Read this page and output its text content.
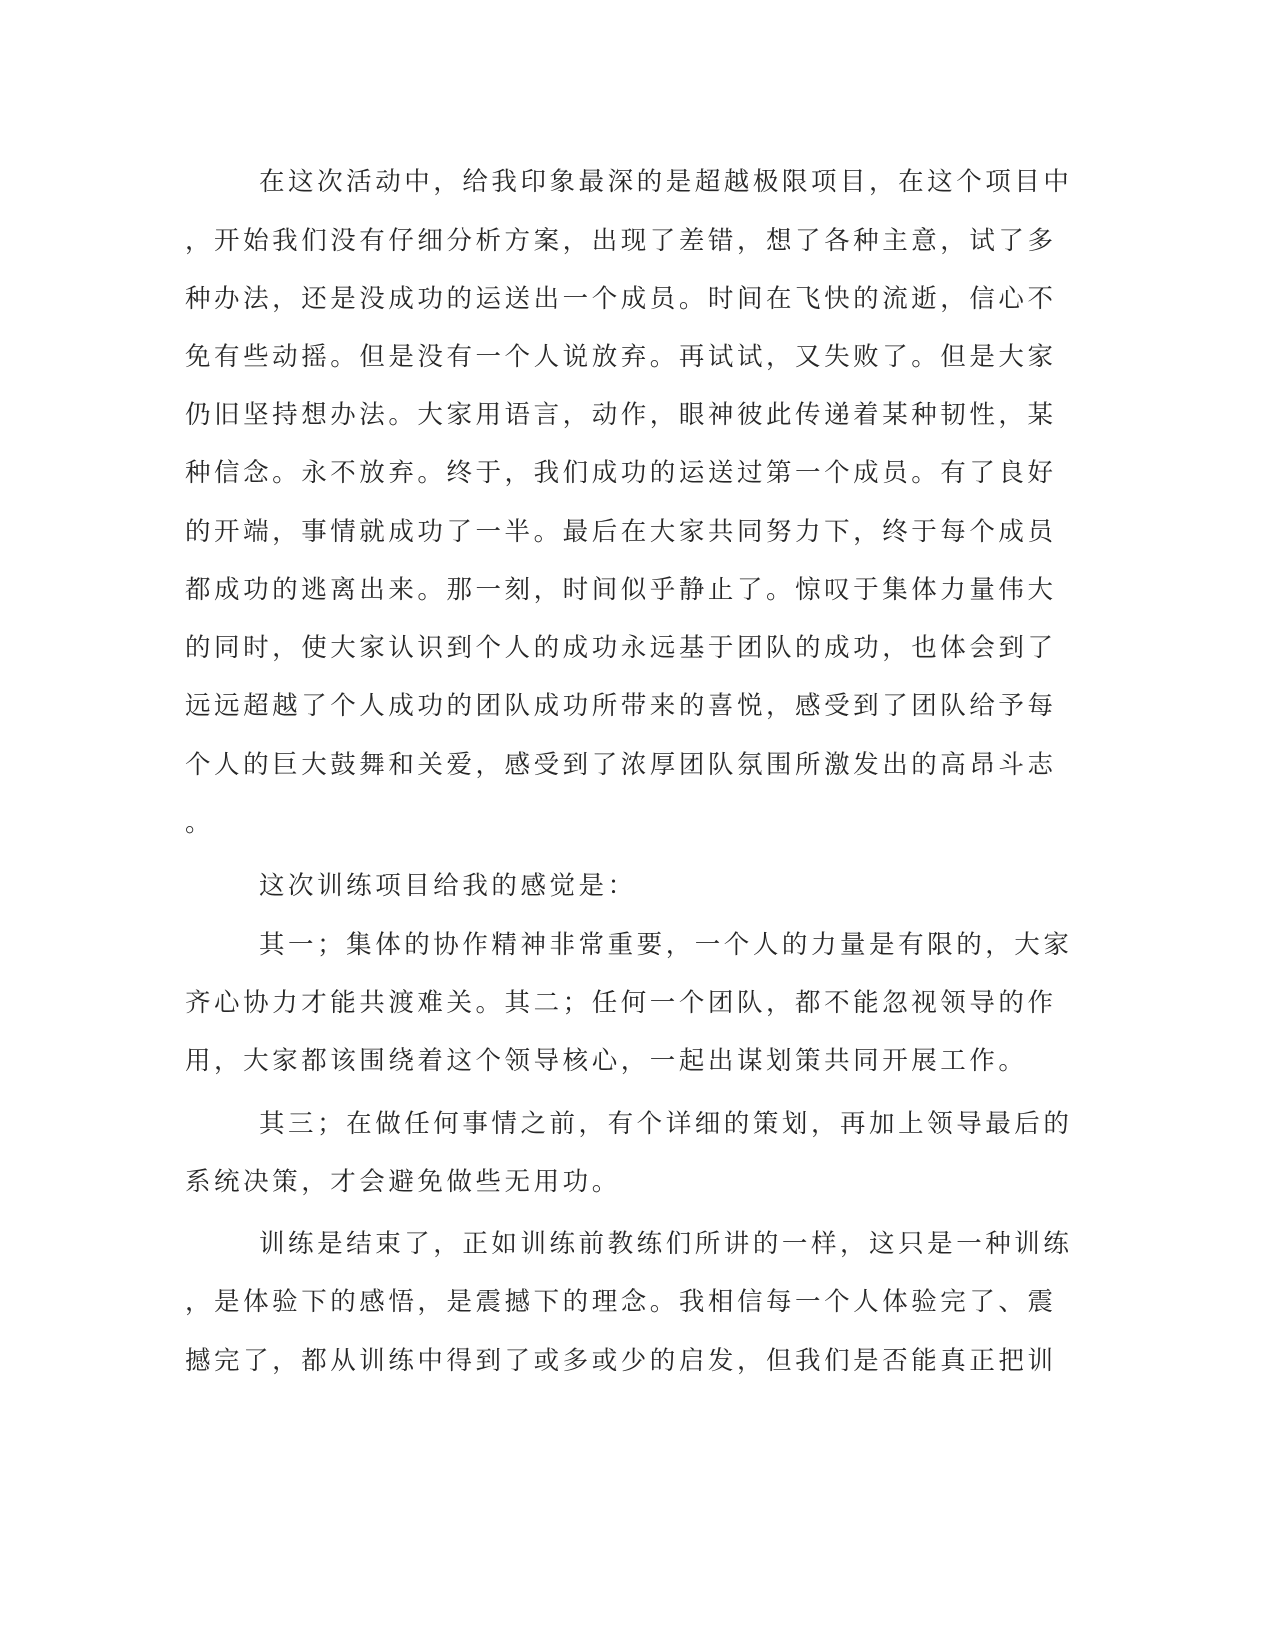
在这次活动中，给我印象最深的是超越极限项目，在这个项目中
，开始我们没有仔细分析方案，出现了差错，想了各种主意，试了多
种办法，还是没成功的运送出一个成员。时间在飞快的流逝，信心不
免有些动摇。但是没有一个人说放弃。再试试，又失败了。但是大家
仍旧坚持想办法。大家用语言，动作，眼神彼此传递着某种韧性，某
种信念。永不放弃。终于，我们成功的运送过第一个成员。有了良好
的开端，事情就成功了一半。最后在大家共同努力下，终于每个成员
都成功的逃离出来。那一刻，时间似乎静止了。惊叹于集体力量伟大
的同时，使大家认识到个人的成功永远基于团队的成功，也体会到了
远远超越了个人成功的团队成功所带来的喜悦，感受到了团队给予每
个人的巨大鼓舞和关爱，感受到了浓厚团队氛围所激发出的高昂斗志
。
这次训练项目给我的感觉是：
其一；集体的协作精神非常重要，一个人的力量是有限的，大家
齐心协力才能共渡难关。其二；任何一个团队，都不能忽视领导的作
用，大家都该围绕着这个领导核心，一起出谋划策共同开展工作。
其三；在做任何事情之前，有个详细的策划，再加上领导最后的
系统决策，才会避免做些无用功。
训练是结束了，正如训练前教练们所讲的一样，这只是一种训练
，是体验下的感悟，是震撼下的理念。我相信每一个人体验完了、震
撼完了，都从训练中得到了或多或少的启发，但我们是否能真正把训
